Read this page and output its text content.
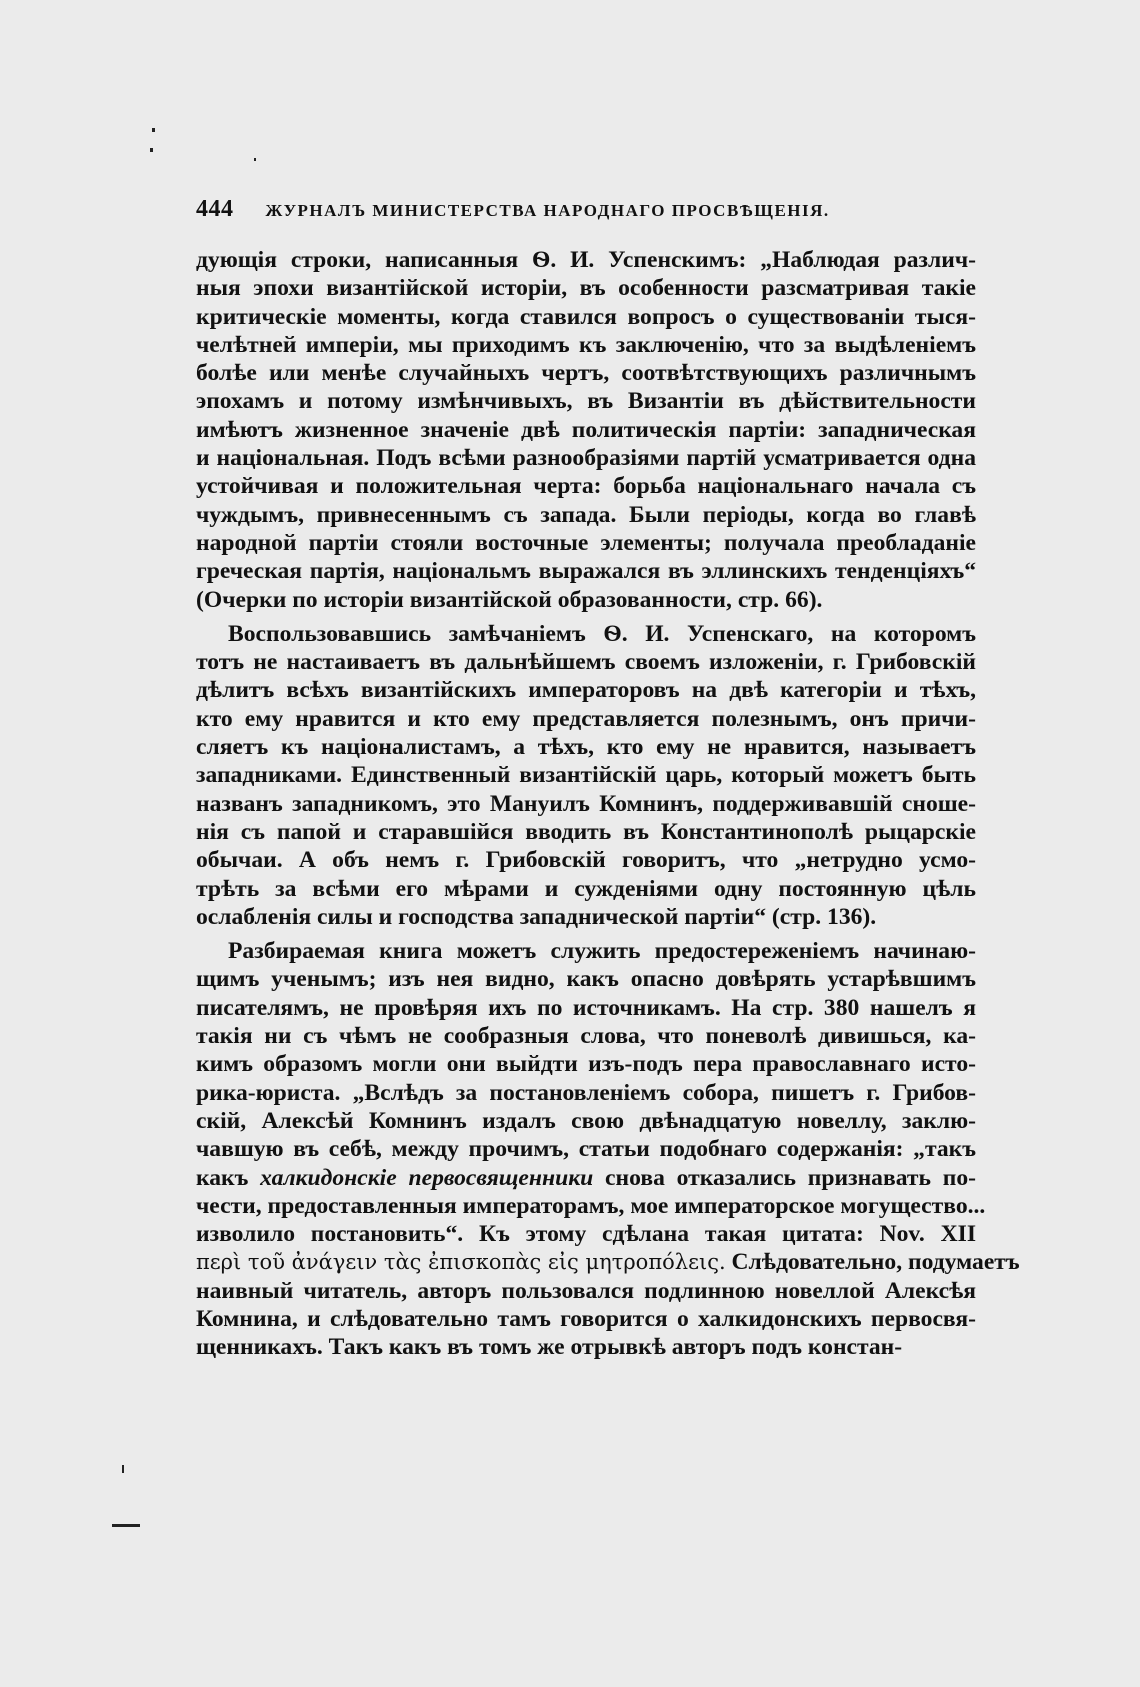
444 ЖУРНАЛЪ МИНИСТЕРСТВА НАРОДНАГО ПРОСВѢЩЕНІЯ.
дующія строки, написанныя Ѳ. И. Успенскимъ: „Наблюдая различ-
ныя эпохи византійской исторіи, въ особенности разсматривая такіе
критическіе моменты, когда ставился вопросъ о существованіи тыся-
челѣтней имперіи, мы приходимъ къ заключенію, что за выдѣленіемъ
болѣе или менѣе случайныхъ чертъ, соотвѣтствующихъ различнымъ
эпохамъ и потому измѣнчивыхъ, въ Византіи въ дѣйствительности
имѣютъ жизненное значеніе двѣ политическія партіи: западническая
и національная. Подъ всѣми разнообразіями партій усматривается одна
устойчивая и положительная черта: борьба національнаго начала съ
чуждымъ, привнесеннымъ съ запада. Были періоды, когда во главѣ
народной партіи стояли восточные элементы; получала преобладаніе
греческая партія, національмъ выражался въ эллинскихъ тенденціяхъ“
(Очерки по исторіи византійской образованности, стр. 66).
Воспользовавшись замѣчаніемъ Ѳ. И. Успенскаго, на которомъ
тотъ не настаиваетъ въ дальнѣйшемъ своемъ изложеніи, г. Грибовскій
дѣлитъ всѣхъ византійскихъ императоровъ на двѣ категоріи и тѣхъ,
кто ему нравится и кто ему представляется полезнымъ, онъ причи-
сляетъ къ націоналистамъ, а тѣхъ, кто ему не нравится, называетъ
западниками. Единственный византійскій царь, который можетъ быть
названъ западникомъ, это Мануилъ Комнинъ, поддерживавшій сноше-
нія съ папой и старавшійся вводить въ Константинополѣ рыцарскіе
обычаи. А объ немъ г. Грибовскій говоритъ, что „нетрудно усмо-
трѣть за всѣми его мѣрами и сужденіями одну постоянную цѣль
ослабленія силы и господства западнической партіи“ (стр. 136).
Разбираемая книга можетъ служить предостереженіемъ начинаю-
щимъ ученымъ; изъ нея видно, какъ опасно довѣрять устарѣвшимъ
писателямъ, не провѣряя ихъ по источникамъ. На стр. 380 нашелъ я
такія ни съ чѣмъ не сообразныя слова, что поневолѣ дивишься, ка-
кимъ образомъ могли они выйдти изъ-подъ пера православнаго исто-
рика-юриста. „Вслѣдъ за постановленіемъ собора, пишетъ г. Грибов-
скій, Алексѣй Комнинъ издалъ свою двѣнадцатую новеллу, заклю-
чавшую въ себѣ, между прочимъ, статьи подобнаго содержанія: „такъ
какъ халкидонскіе первосвященники снова отказались признавать по-
чести, предоставленныя императорамъ, мое императорское могущество...
изволило постановить“. Къ этому сдѣлана такая цитата: Nov. XII
περὶ τοῦ ἀνάγειν τὰς ἐπισκοπὰς εἰς μητροπόλεις. Слѣдовательно, подумаетъ
наивный читатель, авторъ пользовался подлинною новеллой Алексѣя
Комнина, и слѣдовательно тамъ говорится о халкидонскихъ первосвя-
щенникахъ. Такъ какъ въ томъ же отрывкѣ авторъ подъ констан-
